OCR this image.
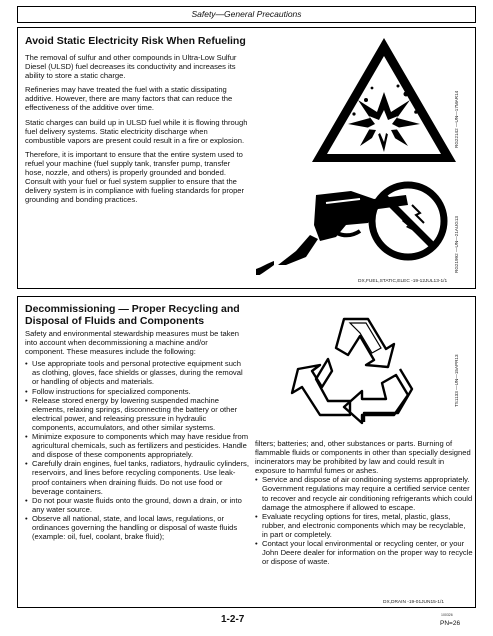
Safety—General Precautions
Avoid Static Electricity Risk When Refueling

The removal of sulfur and other compounds in Ultra-Low Sulfur Diesel (ULSD) fuel decreases its conductivity and increases its ability to store a static charge.

Refineries may have treated the fuel with a static dissipating additive. However, there are many factors that can reduce the effectiveness of the additive over time.

Static charges can build up in ULSD fuel while it is flowing through fuel delivery systems. Static electricity discharge when combustible vapors are present could result in a fire or explosion.

Therefore, it is important to ensure that the entire system used to refuel your machine (fuel supply tank, transfer pump, transfer hose, nozzle, and others) is properly grounded and bonded. Consult with your fuel or fuel system supplier to ensure that the delivery system is in compliance with fueling standards for proper grounding and bonding practices.

RG22142 —UN—17MAR14
RG21992 —UN—21AUG13
DX,FUEL,STATIC,ELEC -19-12JUL13-1/1
Decommissioning — Proper Recycling and Disposal of Fluids and Components

Safety and environmental stewardship measures must be taken into account when decommissioning a machine and/or component. These measures include the following:

• Use appropriate tools and personal protective equipment such as clothing, gloves, face shields or glasses, during the removal or handling of objects and materials.
• Follow instructions for specialized components.
• Release stored energy by lowering suspended machine elements, relaxing springs, disconnecting the battery or other electrical power, and releasing pressure in hydraulic components, accumulators, and other similar systems.
• Minimize exposure to components which may have residue from agricultural chemicals, such as fertilizers and pesticides. Handle and dispose of these components appropriately.
• Carefully drain engines, fuel tanks, radiators, hydraulic cylinders, reservoirs, and lines before recycling components. Use leak-proof containers when draining fluids. Do not use food or beverage containers.
• Do not pour waste fluids onto the ground, down a drain, or into any water source.
• Observe all national, state, and local laws, regulations, or ordinances governing the handling or disposal of waste fluids (example: oil, fuel, coolant, brake fluid);
TS1133 —UN—15APR13

filters; batteries; and, other substances or parts. Burning of flammable fluids or components in other than specially designed incinerators may be prohibited by law and could result in exposure to harmful fumes or ashes.

• Service and dispose of air conditioning systems appropriately. Government regulations may require a certified service center to recover and recycle air conditioning refrigerants which could damage the atmosphere if allowed to escape.
• Evaluate recycling options for tires, metal, plastic, glass, rubber, and electronic components which may be recyclable, in part or completely.
• Contact your local environmental or recycling center, or your John Deere dealer for information on the proper way to recycle or dispose of waste.
DX,DRAIN -19-01JUN15-1/1
1-2-7	100326
PN=26
